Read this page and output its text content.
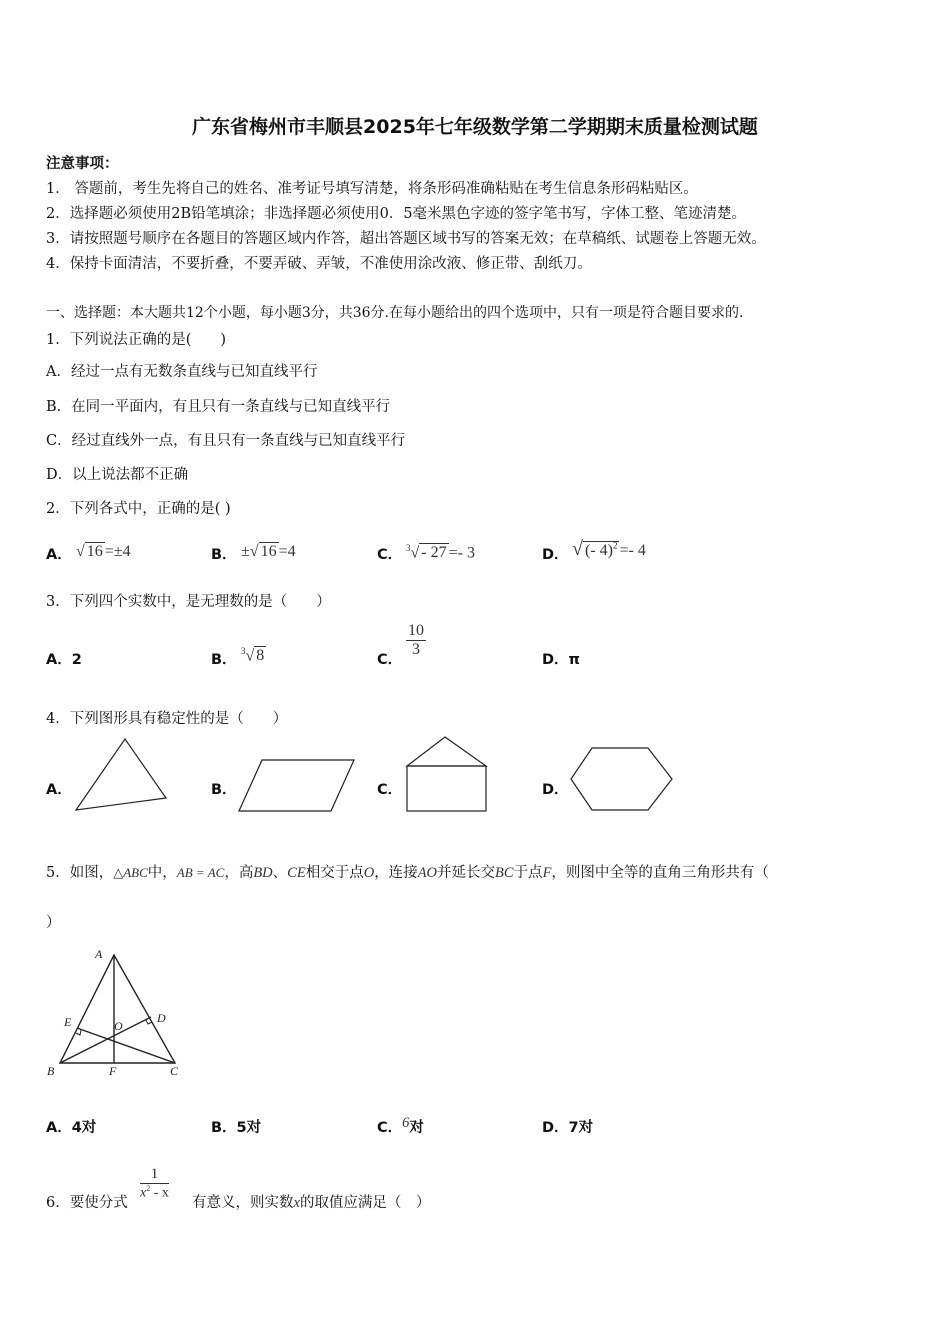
广东省梅州市丰顺县2025年七年级数学第二学期期末质量检测试题
注意事项：
1． 答题前，考生先将自己的姓名、准考证号填写清楚，将条形码准确粘贴在考生信息条形码粘贴区。
2．选择题必须使用2B铅笔填涂；非选择题必须使用0．5毫米黑色字迹的签字笔书写，字体工整、笔迹清楚。
3．请按照题号顺序在各题目的答题区域内作答，超出答题区域书写的答案无效；在草稿纸、试题卷上答题无效。
4．保持卡面清洁，不要折叠，不要弄破、弄皱，不准使用涂改液、修正带、刮纸刀。
一、选择题：本大题共12个小题，每小题3分，共36分.在每小题给出的四个选项中，只有一项是符合题目要求的.
1．下列说法正确的是(　　)
A．经过一点有无数条直线与已知直线平行
B．在同一平面内，有且只有一条直线与已知直线平行
C．经过直线外一点，有且只有一条直线与已知直线平行
D．以上说法都不正确
2．下列各式中，正确的是( )
A． √ 16 =±4	B． ±√ 16 =4	C． $^3$√ - 27 =- 3	D． √ (- 4)$^2$ =- 4
3．下列四个实数中，是无理数的是（　　）
A．2	B．
$^3$√ 8	C．
$\frac{10}{3}$
D．π
4．下列图形具有稳定性的是（　　）
A．	B．	C．	D．
5．如图，△ABC中，AB = AC，高BD、CE相交于点O，连接AO并延长交BC于点F，则图中全等的直角三角形共有（
）
A
E	O
D
B	F	C
A．4对	B．5对	C．6对	D．7对
6．要使分式
$\frac{1}{x^2 - x}$
有意义，则实数x的取值应满足（　）
